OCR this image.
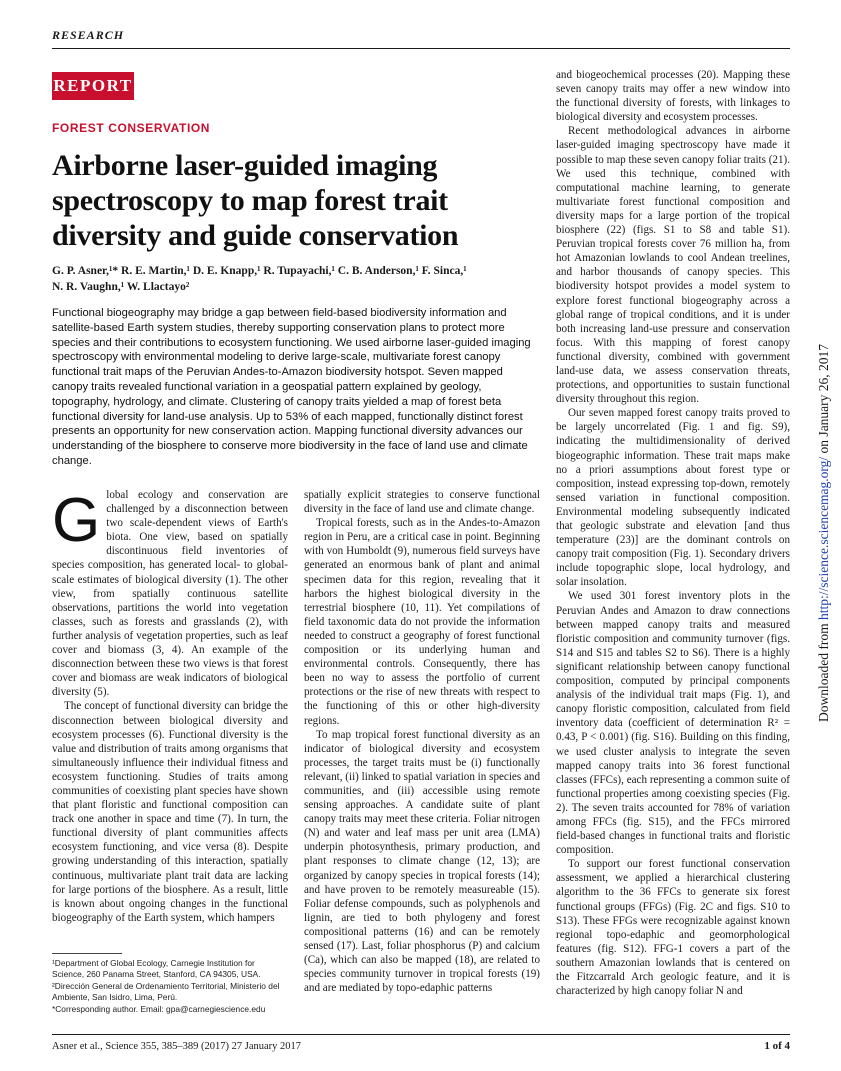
RESEARCH
REPORT
FOREST CONSERVATION
Airborne laser-guided imaging spectroscopy to map forest trait diversity and guide conservation
G. P. Asner,¹* R. E. Martin,¹ D. E. Knapp,¹ R. Tupayachi,¹ C. B. Anderson,¹ F. Sinca,¹
N. R. Vaughn,¹ W. Llactayo²
Functional biogeography may bridge a gap between field-based biodiversity information and satellite-based Earth system studies, thereby supporting conservation plans to protect more species and their contributions to ecosystem functioning. We used airborne laser-guided imaging spectroscopy with environmental modeling to derive large-scale, multivariate forest canopy functional trait maps of the Peruvian Andes-to-Amazon biodiversity hotspot. Seven mapped canopy traits revealed functional variation in a geospatial pattern explained by geology, topography, hydrology, and climate. Clustering of canopy traits yielded a map of forest beta functional diversity for land-use analysis. Up to 53% of each mapped, functionally distinct forest presents an opportunity for new conservation action. Mapping functional diversity advances our understanding of the biosphere to conserve more biodiversity in the face of land use and climate change.

Global ecology and conservation are challenged by a disconnection between two scale-dependent views of Earth's biota. One view, based on spatially discontinuous field inventories of species composition, has generated local- to global-scale estimates of biological diversity (1). The other view, from spatially continuous satellite observations, partitions the world into vegetation classes, such as forests and grasslands (2), with further analysis of vegetation properties, such as leaf cover and biomass (3, 4). An example of the disconnection between these two views is that forest cover and biomass are weak indicators of biological diversity (5).

The concept of functional diversity can bridge the disconnection between biological diversity and ecosystem processes (6). Functional diversity is the value and distribution of traits among organisms that simultaneously influence their individual fitness and ecosystem functioning. Studies of traits among communities of coexisting plant species have shown that plant floristic and functional composition can track one another in space and time (7). In turn, the functional diversity of plant communities affects ecosystem functioning, and vice versa (8). Despite growing understanding of this interaction, spatially continuous, multivariate plant trait data are lacking for large portions of the biosphere. As a result, little is known about ongoing changes in the functional biogeography of the Earth system, which hampers

spatially explicit strategies to conserve functional diversity in the face of land use and climate change.

Tropical forests, such as in the Andes-to-Amazon region in Peru, are a critical case in point. Beginning with von Humboldt (9), numerous field surveys have generated an enormous bank of plant and animal specimen data for this region, revealing that it harbors the highest biological diversity in the terrestrial biosphere (10, 11). Yet compilations of field taxonomic data do not provide the information needed to construct a geography of forest functional composition or its underlying human and environmental controls. Consequently, there has been no way to assess the portfolio of current protections or the rise of new threats with respect to the functioning of this or other high-diversity regions.

To map tropical forest functional diversity as an indicator of biological diversity and ecosystem processes, the target traits must be (i) functionally relevant, (ii) linked to spatial variation in species and communities, and (iii) accessible using remote sensing approaches. A candidate suite of plant canopy traits may meet these criteria. Foliar nitrogen (N) and water and leaf mass per unit area (LMA) underpin photosynthesis, primary production, and plant responses to climate change (12, 13); are organized by canopy species in tropical forests (14); and have proven to be remotely measureable (15). Foliar defense compounds, such as polyphenols and lignin, are tied to both phylogeny and forest compositional patterns (16) and can be remotely sensed (17). Last, foliar phosphorus (P) and calcium (Ca), which can also be mapped (18), are related to species community turnover in tropical forests (19) and are mediated by topo-edaphic patterns

and biogeochemical processes (20). Mapping these seven canopy traits may offer a new window into the functional diversity of forests, with linkages to biological diversity and ecosystem processes.

Recent methodological advances in airborne laser-guided imaging spectroscopy have made it possible to map these seven canopy foliar traits (21). We used this technique, combined with computational machine learning, to generate multivariate forest functional composition and diversity maps for a large portion of the tropical biosphere (22) (figs. S1 to S8 and table S1). Peruvian tropical forests cover 76 million ha, from hot Amazonian lowlands to cool Andean treelines, and harbor thousands of canopy species. This biodiversity hotspot provides a model system to explore forest functional biogeography across a global range of tropical conditions, and it is under both increasing land-use pressure and conservation focus. With this mapping of forest canopy functional diversity, combined with government land-use data, we assess conservation threats, protections, and opportunities to sustain functional diversity throughout this region.

Our seven mapped forest canopy traits proved to be largely uncorrelated (Fig. 1 and fig. S9), indicating the multidimensionality of derived biogeographic information. These trait maps make no a priori assumptions about forest type or composition, instead expressing top-down, remotely sensed variation in functional composition. Environmental modeling subsequently indicated that geologic substrate and elevation [and thus temperature (23)] are the dominant controls on canopy trait composition (Fig. 1). Secondary drivers include topographic slope, local hydrology, and solar insolation.

We used 301 forest inventory plots in the Peruvian Andes and Amazon to draw connections between mapped canopy traits and measured floristic composition and community turnover (figs. S14 and S15 and tables S2 to S6). There is a highly significant relationship between canopy functional composition, computed by principal components analysis of the individual trait maps (Fig. 1), and canopy floristic composition, calculated from field inventory data (coefficient of determination R² = 0.43, P < 0.001) (fig. S16). Building on this finding, we used cluster analysis to integrate the seven mapped canopy traits into 36 forest functional classes (FFCs), each representing a common suite of functional properties among coexisting species (Fig. 2). The seven traits accounted for 78% of variation among FFCs (fig. S15), and the FFCs mirrored field-based changes in functional traits and floristic composition.

To support our forest functional conservation assessment, we applied a hierarchical clustering algorithm to the 36 FFCs to generate six forest functional groups (FFGs) (Fig. 2C and figs. S10 to S13). These FFGs were recognizable against known regional topo-edaphic and geomorphological features (fig. S12). FFG-1 covers a part of the southern Amazonian lowlands that is centered on the Fitzcarrald Arch geologic feature, and it is characterized by high canopy foliar N and

¹Department of Global Ecology, Carnegie Institution for Science, 260 Panama Street, Stanford, CA 94305, USA.
²Dirección General de Ordenamiento Territorial, Ministerio del Ambiente, San Isidro, Lima, Perú.
*Corresponding author. Email: gpa@carnegiescience.edu
Asner et al., Science 355, 385–389 (2017) 27 January 2017	1 of 4
Downloaded from http://science.sciencemag.org/ on January 26, 2017
